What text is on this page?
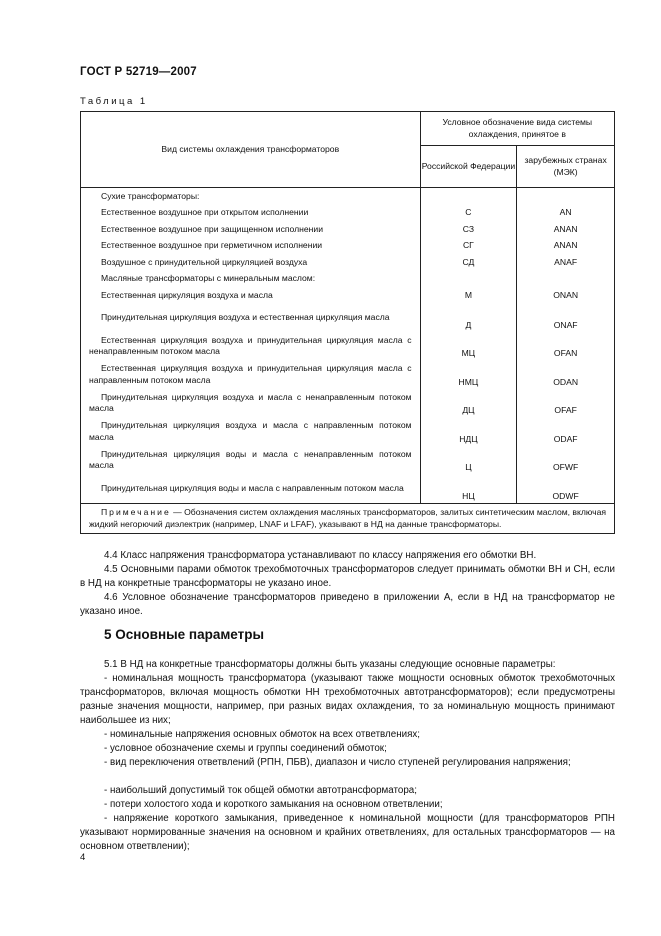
ГОСТ Р 52719—2007
Таблица 1
Вид системы охлаждения трансформаторов	Условное обозначение вида системы охлаждения, принятое в	
	Российской Федерации	зарубежных странах (МЭК)
Сухие трансформаторы:		
Естественное воздушное при открытом исполнении	С	AN
Естественное воздушное при защищенном исполнении	СЗ	ANAN
Естественное воздушное при герметичном исполнении	СГ	ANAN
Воздушное с принудительной циркуляцией воздуха	СД	ANAF
Масляные трансформаторы с минеральным маслом:		
Естественная циркуляция воздуха и масла	М	ONAN
Принудительная циркуляция воздуха и естественная циркуляция масла	Д	ONAF
Естественная циркуляция воздуха и принудительная циркуляция масла с ненаправленным потоком масла	МЦ	OFAN
Естественная циркуляция воздуха и принудительная циркуляция масла с направленным потоком масла	НМЦ	ODAN
Принудительная циркуляция воздуха и масла с ненаправленным потоком масла	ДЦ	OFAF
Принудительная циркуляция воздуха и масла с направленным потоком масла	НДЦ	ODAF
Принудительная циркуляция воды и масла с ненаправленным потоком масла	Ц	OFWF
Принудительная циркуляция воды и масла с направленным потоком масла	НЦ	ODWF
Примечание — Обозначения систем охлаждения масляных трансформаторов, залитых синтетическим маслом, включая жидкий негорючий диэлектрик (например, LNAF и LFAF), указывают в НД на данные трансформаторы.		
4.4 Класс напряжения трансформатора устанавливают по классу напряжения его обмотки ВН.
4.5 Основными парами обмоток трехобмоточных трансформаторов следует принимать обмотки ВН и СН, если в НД на конкретные трансформаторы не указано иное.
4.6 Условное обозначение трансформаторов приведено в приложении А, если в НД на трансформатор не указано иное.
5 Основные параметры
5.1 В НД на конкретные трансформаторы должны быть указаны следующие основные параметры:
- номинальная мощность трансформатора (указывают также мощности основных обмоток трехобмоточных трансформаторов, включая мощность обмотки НН трехобмоточных автотрансформаторов); если предусмотрены разные значения мощности, например, при разных видах охлаждения, то за номинальную мощность принимают наибольшее из них;
- номинальные напряжения основных обмоток на всех ответвлениях;
- условное обозначение схемы и группы соединений обмоток;
- вид переключения ответвлений (РПН, ПБВ), диапазон и число ступеней регулирования напряжения;
- наибольший допустимый ток общей обмотки автотрансформатора;
- потери холостого хода и короткого замыкания на основном ответвлении;
- напряжение короткого замыкания, приведенное к номинальной мощности (для трансформаторов РПН указывают нормированные значения на основном и крайних ответвлениях, для остальных трансформаторов — на основном ответвлении);
4
